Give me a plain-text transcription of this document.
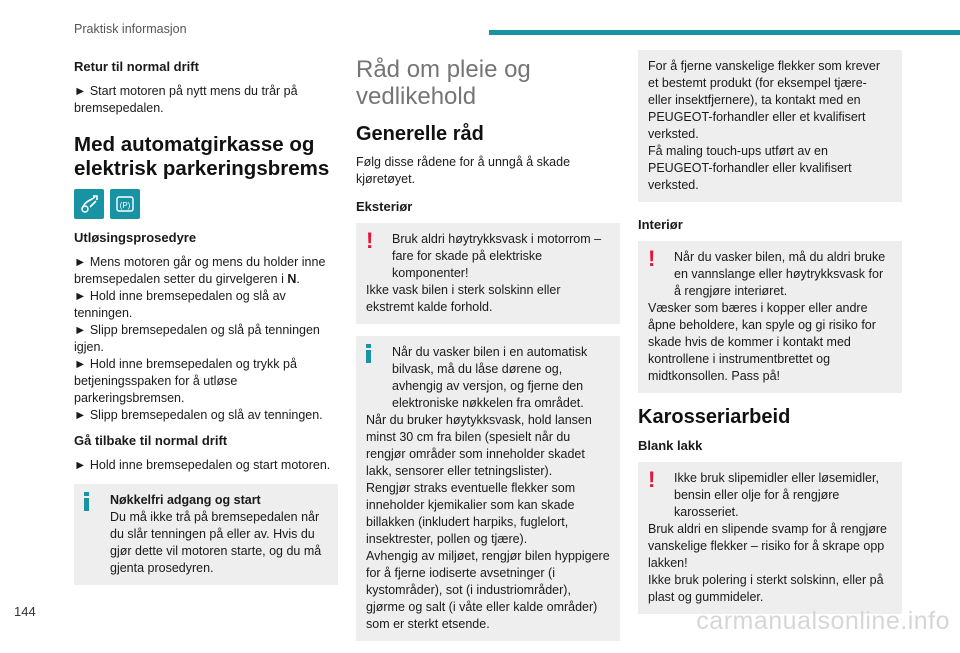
Praktisk informasjon
Retur til normal drift

► Start motoren på nytt mens du trår på bremsepedalen.

Med automatgirkasse og elektrisk parkeringsbrems
(P)
Utløsingsprosedyre

► Mens motoren går og mens du holder inne bremsepedalen setter du girvelgeren i N.

► Hold inne bremsepedalen og slå av tenningen.

► Slipp bremsepedalen og slå på tenningen igjen.

► Hold inne bremsepedalen og trykk på betjeningsspaken for å utløse parkeringsbremsen.

► Slipp bremsepedalen og slå av tenningen.

Gå tilbake til normal drift

► Hold inne bremsepedalen og start motoren.

Nøkkelfri adgang og start
Du må ikke trå på bremsepedalen når du slår tenningen på eller av. Hvis du gjør dette vil motoren starte, og du må gjenta prosedyren.
Råd om pleie og vedlikehold
Generelle råd

Følg disse rådene for å unngå å skade kjøretøyet.

Eksteriør
!	Bruk aldri høytrykksvask i motorrom – fare for skade på elektriske komponenter!
Ikke vask bilen i sterk solskinn eller ekstremt kalde forhold.
Når du vasker bilen i en automatisk bilvask, må du låse dørene og, avhengig av versjon, og fjerne den elektroniske nøkkelen fra området.
Når du bruker høytykksvask, hold lansen minst 30 cm fra bilen (spesielt når du rengjør områder som inneholder skadet lakk, sensorer eller tetningslister).
Rengjør straks eventuelle flekker som inneholder kjemikalier som kan skade billakken (inkludert harpiks, fuglelort, insektrester, pollen og tjære).
Avhengig av miljøet, rengjør bilen hyppigere for å fjerne iodiserte avsetninger (i kystområder), sot (i industriområder), gjørme og salt (i våte eller kalde områder) som er sterkt etsende.
For å fjerne vanskelige flekker som krever et bestemt produkt (for eksempel tjære- eller insektfjernere), ta kontakt med en PEUGEOT-forhandler eller et kvalifisert verksted.
Få maling touch-ups utført av en PEUGEOT-forhandler eller kvalifisert verksted.
Interiør
!	Når du vasker bilen, må du aldri bruke en vannslange eller høytrykksvask for å rengjøre interiøret.
Væsker som bæres i kopper eller andre åpne beholdere, kan spyle og gi risiko for skade hvis de kommer i kontakt med kontrollene i instrumentbrettet og midtkonsollen. Pass på!
Karosseriarbeid
Blank lakk
!	Ikke bruk slipemidler eller løsemidler, bensin eller olje for å rengjøre karosseriet.
Bruk aldri en slipende svamp for å rengjøre vanskelige flekker – risiko for å skrape opp lakken!
Ikke bruk polering i sterkt solskinn, eller på plast og gummideler.
144	carmanualsonline.info
